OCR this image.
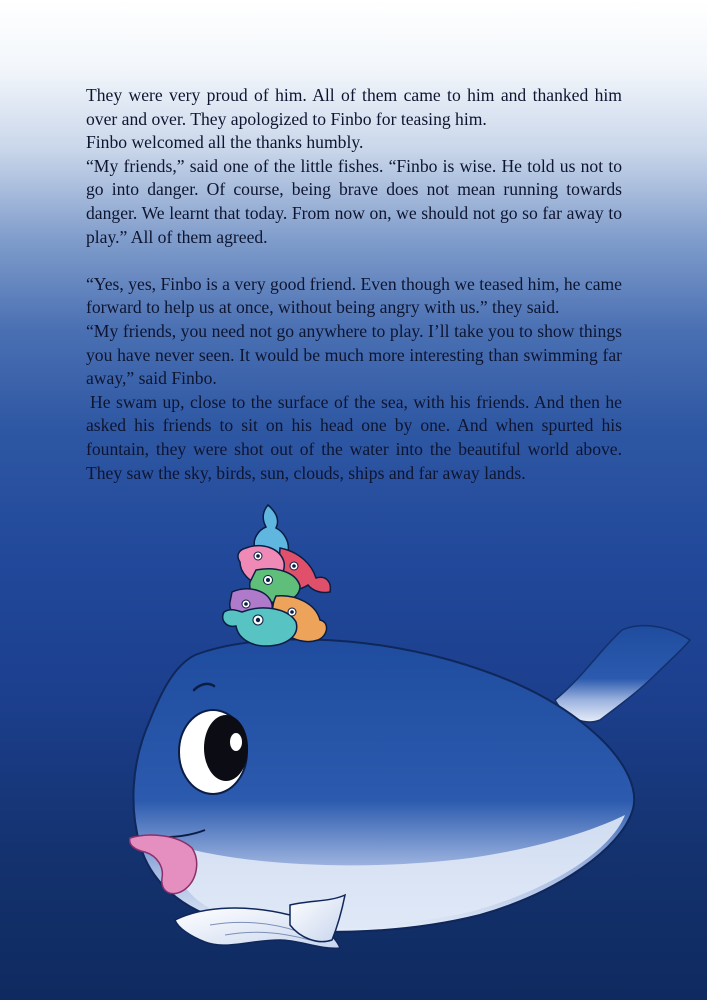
They were very proud of him. All of them came to him and thanked him over and over. They apologized to Finbo for teasing him.

Finbo welcomed all the thanks humbly.

“My friends,” said one of the little fishes. “Finbo is wise. He told us not to go into danger. Of course, being brave does not mean running towards danger. We learnt that today. From now on, we should not go so far away to play.” All of them agreed.

“Yes, yes, Finbo is a very good friend. Even though we teased him, he came forward to help us at once, without being angry with us.” they said.

“My friends, you need not go anywhere to play. I’ll take you to show things you have never seen. It would be much more interesting than swimming far away,” said Finbo.

He swam up, close to the surface of the sea, with his friends. And then he asked his friends to sit on his head one by one. And when spurted his fountain, they were shot out of the water into the beautiful world above. They saw the sky, birds, sun, clouds, ships and far away lands.
